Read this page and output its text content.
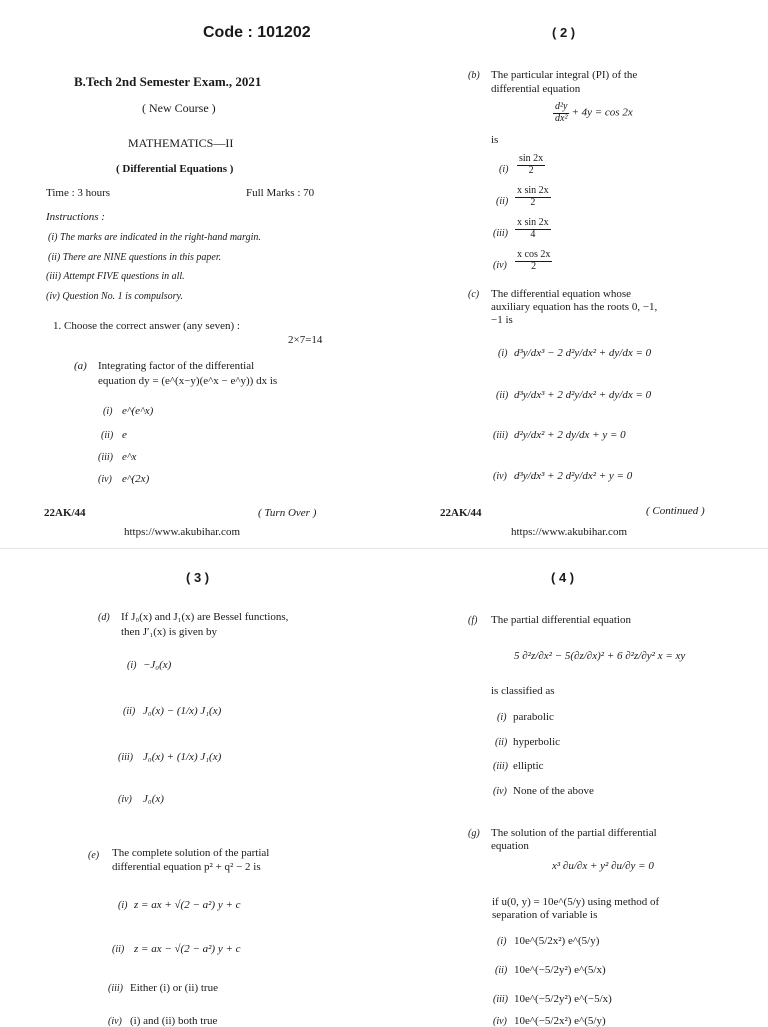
Code : 101202
B.Tech 2nd Semester Exam., 2021
( New Course )
MATHEMATICS—II
( Differential Equations )
Time : 3 hours	Full Marks : 70
Instructions :
(i) The marks are indicated in the right-hand margin.
(ii) There are NINE questions in this paper.
(iii) Attempt FIVE questions in all.
(iv) Question No. 1 is compulsory.
1. Choose the correct answer (any seven) :
2×7=14
(a) Integrating factor of the differential
equation dy = (e^(x−y)(e^x − e^y)) dx is
(i) e^(e^x)
(ii) e
(iii) e^x
(iv) e^(2x)
22AK/44	( Turn Over )
https://www.akubihar.com
( 2 )
(b) The particular integral (PI) of the
differential equation
$\frac{\text{d²y}}{\text{dx²}} + 4y = \cos 2x$
is
$(i) \frac{\sin 2x}{2}$
$(ii) \frac{\text{x sin 2x}}{2}$
$(iii) \frac{\text{x sin 2x}}{4}$
$(iv) \frac{\text{x cos 2x}}{2}$
(c) The differential equation whose
auxiliary equation has the roots 0, −1,
−1 is
(i) d³y/dx³ − 2 d²y/dx² + dy/dx = 0
(ii) d³y/dx³ + 2 d²y/dx² + dy/dx = 0
(iii) d²y/dx² + 2 dy/dx + y = 0
(iv) d³y/dx³ + 2 d²y/dx² + y = 0
22AK/44	( Continued )
https://www.akubihar.com
( 3 )
(d) If J₀(x) and J₁(x) are Bessel functions,
then J′₁(x) is given by
(i) −J₀(x)
(ii) J₀(x) − (1/x) J₁(x)
(iii) J₀(x) + (1/x) J₁(x)
(iv) J₀(x)
(e) The complete solution of the partial
differential equation p² + q² − 2 is
(i) z = ax + √(2 − a²) y + c
(ii) z = ax − √(2 − a²) y + c
(iii) Either (i) or (ii) true
(iv) (i) and (ii) both true
( 4 )
(f) The partial differential equation
5 ∂²z/∂x² − 5(∂z/∂x)² + 6 ∂²z/∂y² x = xy
is classified as
(i) parabolic
(ii) hyperbolic
(iii) elliptic
(iv) None of the above
(g) The solution of the partial differential
equation
x³ ∂u/∂x + y² ∂u/∂y = 0
if u(0, y) = 10e^(5/y) using method of
separation of variable is
(i) 10e^(5/2x²) e^(5/y)
(ii) 10e^(−5/2y²) e^(5/x)
(iii) 10e^(−5/2y²) e^(−5/x)
(iv) 10e^(−5/2x²) e^(5/y)
